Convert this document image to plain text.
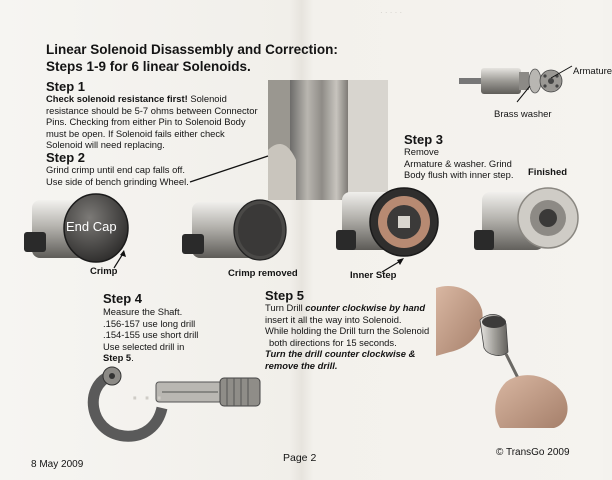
· · · · ·
Linear Solenoid Disassembly and Correction:
Steps 1-9 for 6 linear Solenoids.
Step 1
Check solenoid resistance first! Solenoid
resistance should be 5-7 ohms between Connector
Pins. Checking from either Pin to Solenoid Body
must be open. If Solenoid fails either check
Solenoid will need replacing.
Step 2
Grind crimp until end cap falls off.
Use side of bench grinding Wheel.
Step 3
Remove
Armature & washer. Grind
Body flush with inner step. Finished
Armature
Brass washer
End Cap
Crimp	Crimp removed	Inner Step
Step 4
Measure the Shaft.
.156-157 use long drill
.154-155 use short drill
Use selected drill in
Step 5.
Step 5
Turn Drill counter clockwise by hand
insert it all the way into Solenoid.
While holding the Drill turn the Solenoid
both directions for 15 seconds.
Turn the drill counter clockwise &
remove the drill.
· · ·
8 May 2009
Page 2	© TransGo 2009
